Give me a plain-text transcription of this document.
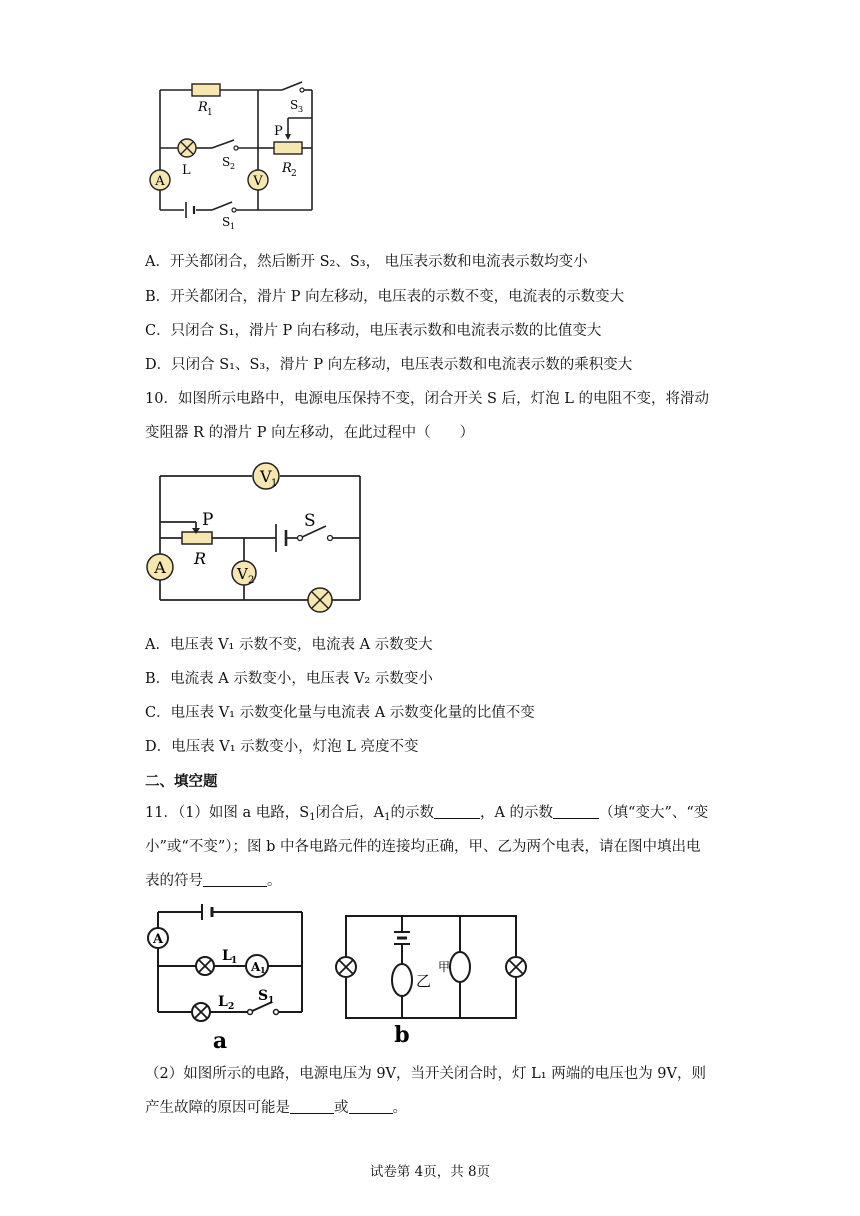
A	V
R 1
S 3
P
R 2
L
S 2
S 1
A．开关都闭合，然后断开 S₂、S₃， 电压表示数和电流表示数均变小
B．开关都闭合，滑片 P 向左移动，电压表的示数不变，电流表的示数变大
C．只闭合 S₁，滑片 P 向右移动，电压表示数和电流表示数的比值变大
D．只闭合 S₁、S₃，滑片 P 向左移动，电压表示数和电流表示数的乘积变大
10．如图所示电路中，电源电压保持不变，闭合开关 S 后，灯泡 L 的电阻不变，将滑动
变阻器 R 的滑片 P 向左移动，在此过程中（　　）
V 1
P
R
S
A	V 2
A．电压表 V₁ 示数不变，电流表 A 示数变大
B．电流表 A 示数变小，电压表 V₂ 示数变小
C．电压表 V₁ 示数变化量与电流表 A 示数变化量的比值不变
D．电压表 V₁ 示数变小，灯泡 L 亮度不变
二、填空题
11．（1）如图 a 电路，$S_1$闭合后，$A_1$的示数	，A 的示数	（填“变大”、“变
小”或“不变”）；图 b 中各电路元件的连接均正确，甲、乙为两个电表，请在图中填出电
表的符号	。
A
L 1 A 1
L 2
S 1
a
乙
甲
b
（2）如图所示的电路，电源电压为 9V，当开关闭合时，灯 L₁ 两端的电压也为 9V，则
产生故障的原因可能是	或	。
试卷第 4页，共 8页
